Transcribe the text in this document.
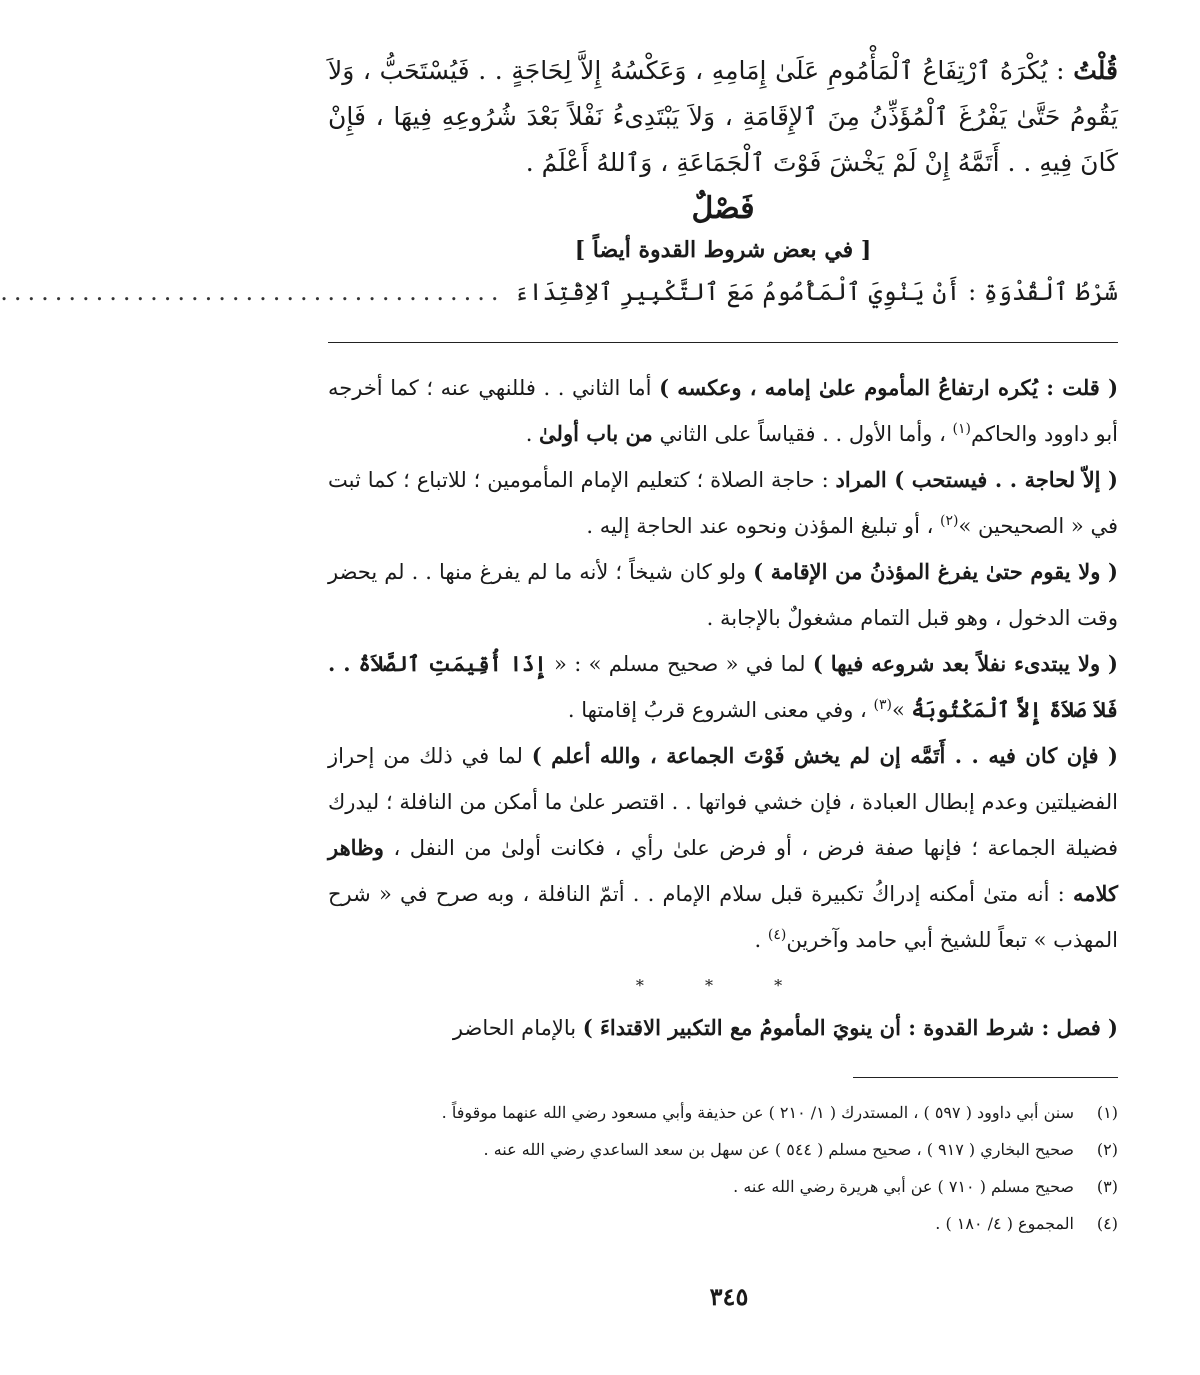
قُلْتُ : يُكْرَهُ ٱرْتِفَاعُ ٱلْمَأْمُومِ عَلَىٰ إِمَامِهِ ، وَعَكْسُهُ إِلاَّ لِحَاجَةٍ . . فَيُسْتَحَبُّ ، وَلاَ يَقُومُ حَتَّىٰ يَفْرُغَ ٱلْمُؤَذِّنُ مِنَ ٱلإِقَامَةِ ، وَلاَ يَبْتَدِىءُ نَفْلاً بَعْدَ شُرُوعِهِ فِيهَا ، فَإِنْ كَانَ فِيهِ . . أَتَمَّهُ إِنْ لَمْ يَخْشَ فَوْتَ ٱلْجَمَاعَةِ ، وَٱللهُ أَعْلَمُ .

فَصْلٌ
[ في بعض شروط القدوة أيضاً ]
شَرْطُ ٱلْقُدْوَةِ : أَنْ يَنْوِيَ ٱلْمَأْمُومُ مَعَ ٱلتَّكْبِيرِ ٱلاِقْتِدَاءَ
.....................................

( قلت : يُكره ارتفاعُ المأموم علىٰ إمامه ، وعكسه ) أما الثاني . . فللنهي عنه ؛ كما أخرجه أبو داوود والحاكم$^{(١)}$ ، وأما الأول . . فقياساً على الثاني من باب أولىٰ .

( إلاّ لحاجة . . فيستحب ) المراد : حاجة الصلاة ؛ كتعليم الإمام المأمومين ؛ للاتباع ؛ كما ثبت في « الصحيحين »$^{(٢)}$ ، أو تبليغ المؤذن ونحوه عند الحاجة إليه .

( ولا يقوم حتىٰ يفرغ المؤذنُ من الإقامة ) ولو كان شيخاً ؛ لأنه ما لم يفرغ منها . . لم يحضر وقت الدخول ، وهو قبل التمام مشغولٌ بالإجابة .

( ولا يبتدىء نفلاً بعد شروعه فيها ) لما في « صحيح مسلم » : « إِذَا أُقِيمَتِ ٱلصَّلاَةُ . . فَلاَ صَلاَةَ إِلاَّ ٱلْمَكْتُوبَةُ »$^{(٣)}$ ، وفي معنى الشروع قربُ إقامتها .

( فإن كان فيه . . أَتَمَّه إن لم يخش فَوْتَ الجماعة ، والله أعلم ) لما في ذلك من إحراز الفضيلتين وعدم إبطال العبادة ، فإن خشي فواتها . . اقتصر علىٰ ما أمكن من النافلة ؛ ليدرك فضيلة الجماعة ؛ فإنها صفة فرض ، أو فرض علىٰ رأي ، فكانت أولىٰ من النفل ، وظاهر كلامه : أنه متىٰ أمكنه إدراكُ تكبيرة قبل سلام الإمام . . أتمّ النافلة ، وبه صرح في « شرح المهذب » تبعاً للشيخ أبي حامد وآخرين$^{(٤)}$ .

* * *

( فصل : شرط القدوة : أن ينويَ المأمومُ مع التكبير الاقتداءَ ) بالإمام الحاضر

(١)
سنن أبي داوود ( ٥٩٧ ) ، المستدرك ( ١/ ٢١٠ ) عن حذيفة وأبي مسعود رضي الله عنهما موقوفاً .
(٢)
صحيح البخاري ( ٩١٧ ) ، صحيح مسلم ( ٥٤٤ ) عن سهل بن سعد الساعدي رضي الله عنه .
(٣)
صحيح مسلم ( ٧١٠ ) عن أبي هريرة رضي الله عنه .
(٤)
المجموع ( ٤/ ١٨٠ ) .
٣٤٥
